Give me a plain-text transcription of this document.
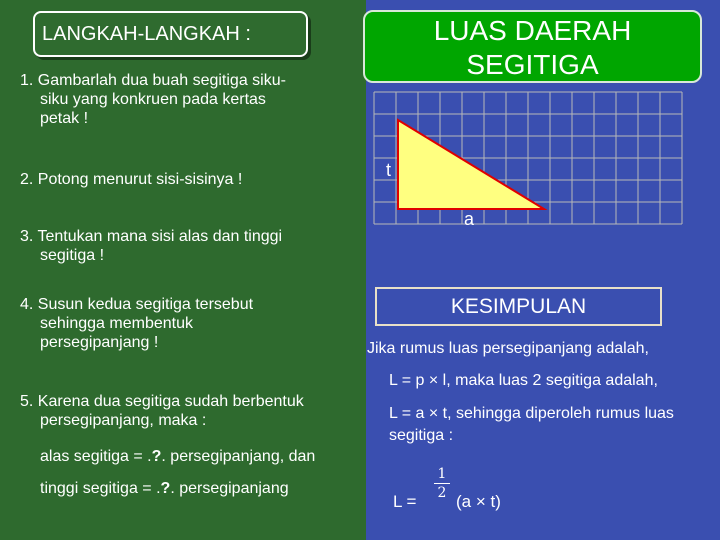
LANGKAH-LANGKAH :	LUAS DAERAH SEGITIGA
1. Gambarlah dua buah segitiga siku-
siku yang konkruen pada kertas
petak !
2. Potong menurut sisi-sisinya !
3. Tentukan mana sisi alas dan tinggi
segitiga !
4. Susun kedua segitiga tersebut
sehingga membentuk
persegipanjang !
5. Karena dua segitiga sudah berbentuk
persegipanjang, maka :
alas segitiga = .?. persegipanjang, dan
tinggi segitiga = .?. persegipanjang
t
a
KESIMPULAN
Jika rumus luas persegipanjang adalah,
L = p × l, maka luas 2 segitiga adalah,
L = a × t, sehingga diperoleh rumus luas
segitiga :
L =
1
2 (a × t)
